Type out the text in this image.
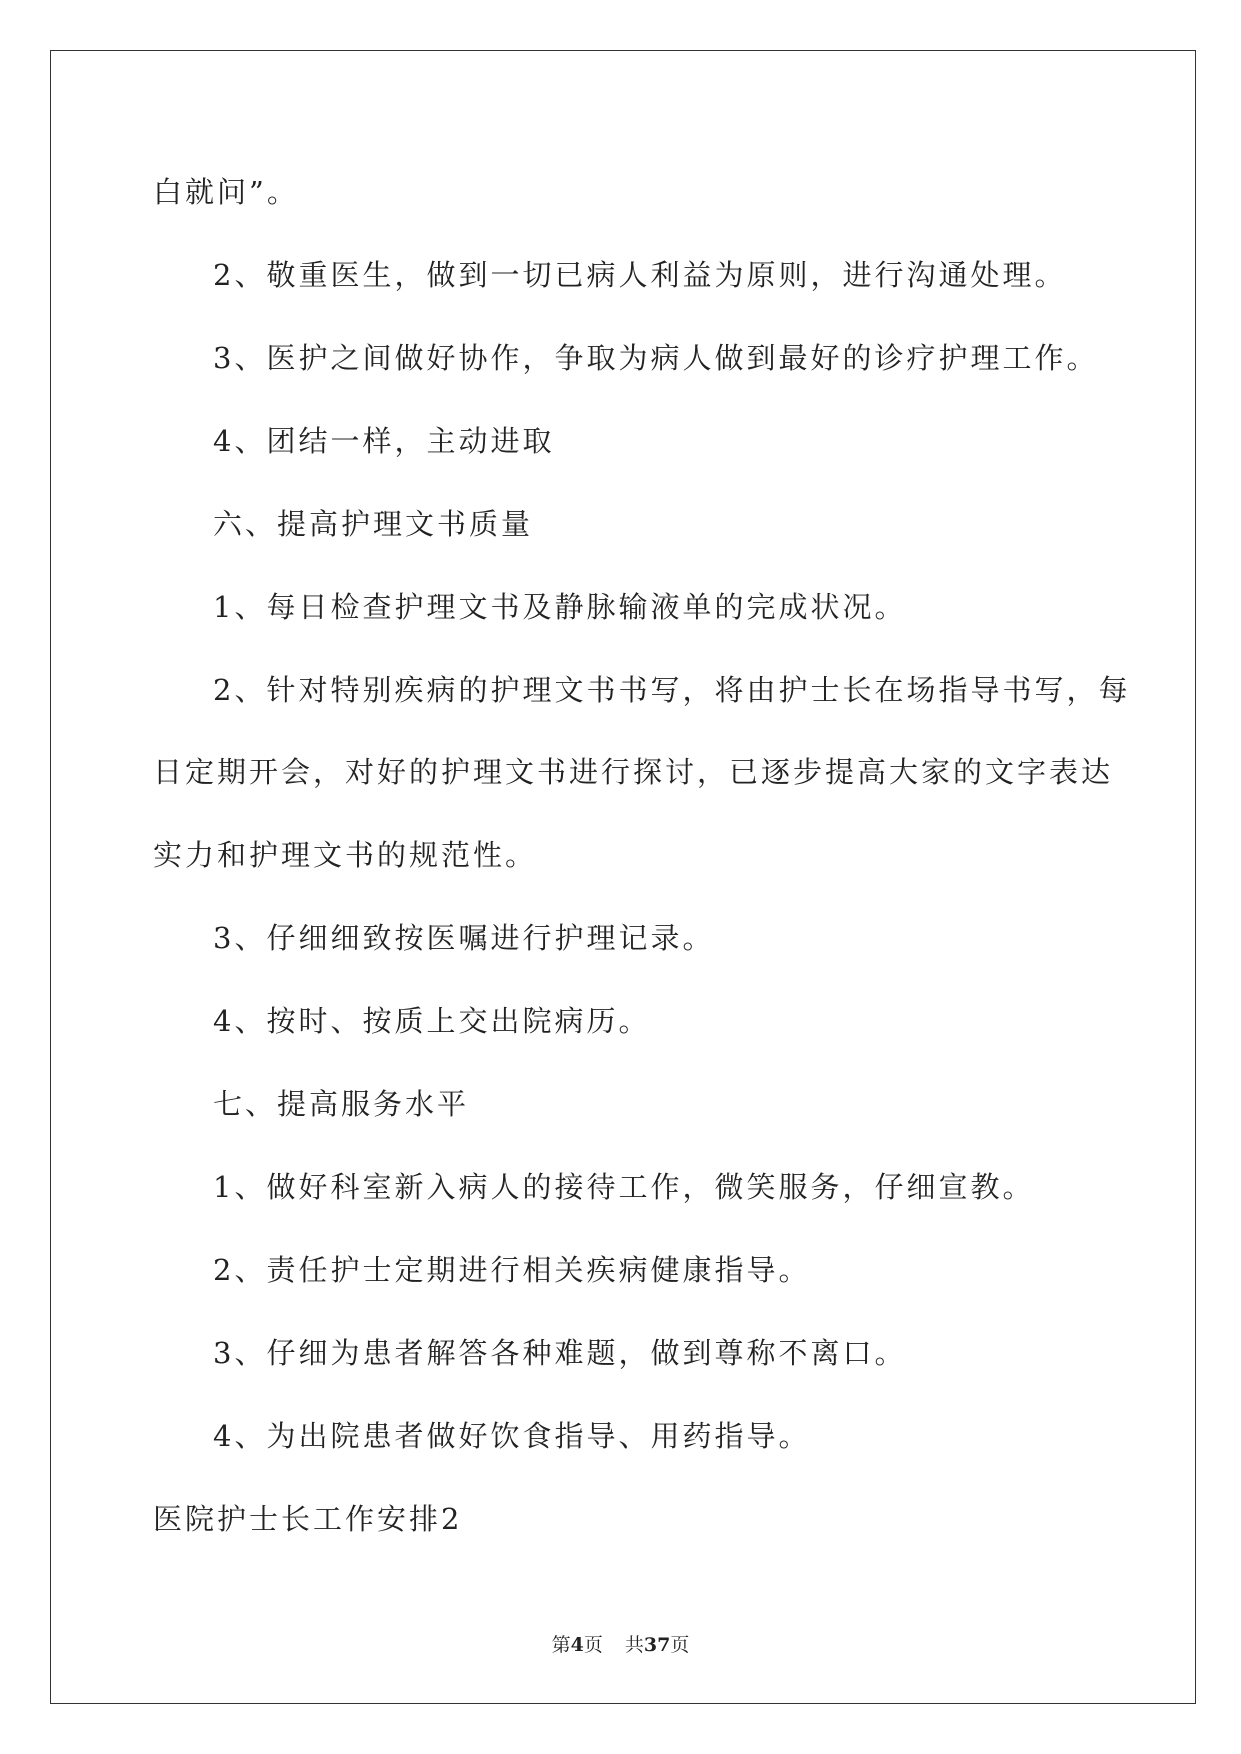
白就问”。
2、敬重医生，做到一切已病人利益为原则，进行沟通处理。
3、医护之间做好协作，争取为病人做到最好的诊疗护理工作。
4、团结一样，主动进取
六、提高护理文书质量
1、每日检查护理文书及静脉输液单的完成状况。
2、针对特别疾病的护理文书书写，将由护士长在场指导书写，每
日定期开会，对好的护理文书进行探讨，已逐步提高大家的文字表达
实力和护理文书的规范性。
3、仔细细致按医嘱进行护理记录。
4、按时、按质上交出院病历。
七、提高服务水平
1、做好科室新入病人的接待工作，微笑服务，仔细宣教。
2、责任护士定期进行相关疾病健康指导。
3、仔细为患者解答各种难题，做到尊称不离口。
4、为出院患者做好饮食指导、用药指导。
医院护士长工作安排2
第4页 共37页
